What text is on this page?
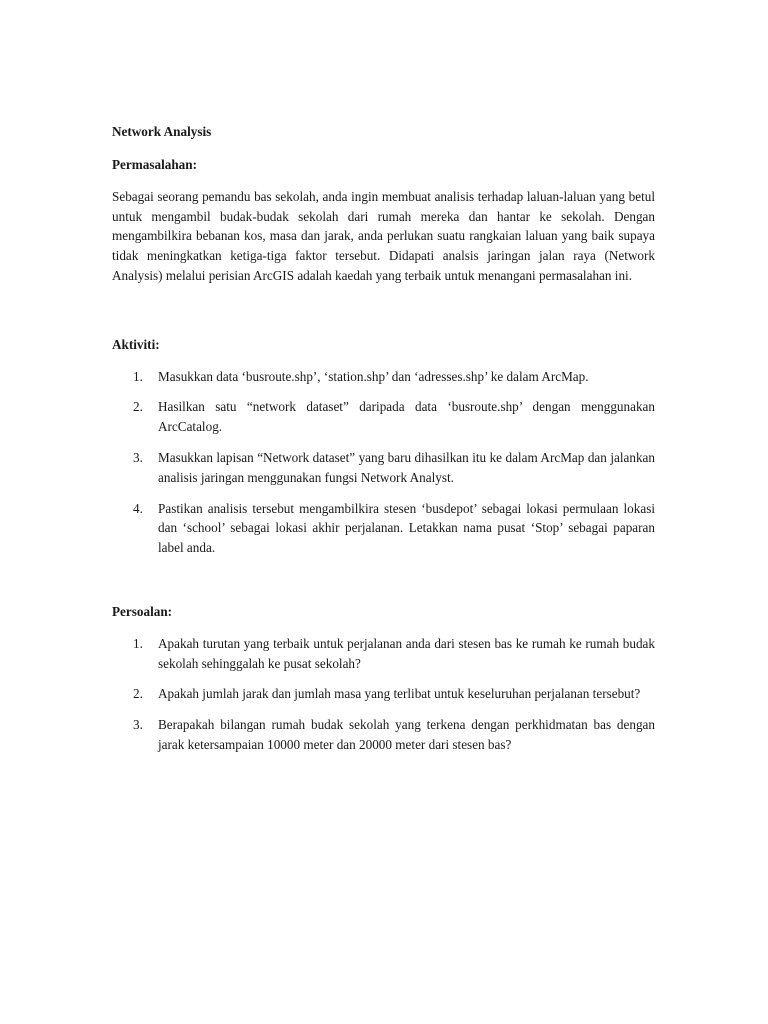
Network Analysis

Permasalahan:

Sebagai seorang pemandu bas sekolah, anda ingin membuat analisis terhadap laluan-laluan yang betul untuk mengambil budak-budak sekolah dari rumah mereka dan hantar ke sekolah. Dengan mengambilkira bebanan kos, masa dan jarak, anda perlukan suatu rangkaian laluan yang baik supaya tidak meningkatkan ketiga-tiga faktor tersebut. Didapati analsis jaringan jalan raya (Network Analysis) melalui perisian ArcGIS adalah kaedah yang terbaik untuk menangani permasalahan ini.

Aktiviti:

1. Masukkan data ‘busroute.shp’, ‘station.shp’ dan ‘adresses.shp’ ke dalam ArcMap.
2. Hasilkan satu “network dataset” daripada data ‘busroute.shp’ dengan menggunakan ArcCatalog.
3. Masukkan lapisan “Network dataset” yang baru dihasilkan itu ke dalam ArcMap dan jalankan analisis jaringan menggunakan fungsi Network Analyst.
4. Pastikan analisis tersebut mengambilkira stesen ‘busdepot’ sebagai lokasi permulaan lokasi dan ‘school’ sebagai lokasi akhir perjalanan. Letakkan nama pusat ‘Stop’ sebagai paparan label anda.

Persoalan:

1. Apakah turutan yang terbaik untuk perjalanan anda dari stesen bas ke rumah ke rumah budak sekolah sehinggalah ke pusat sekolah?
2. Apakah jumlah jarak dan jumlah masa yang terlibat untuk keseluruhan perjalanan tersebut?
3. Berapakah bilangan rumah budak sekolah yang terkena dengan perkhidmatan bas dengan jarak ketersampaian 10000 meter dan 20000 meter dari stesen bas?
